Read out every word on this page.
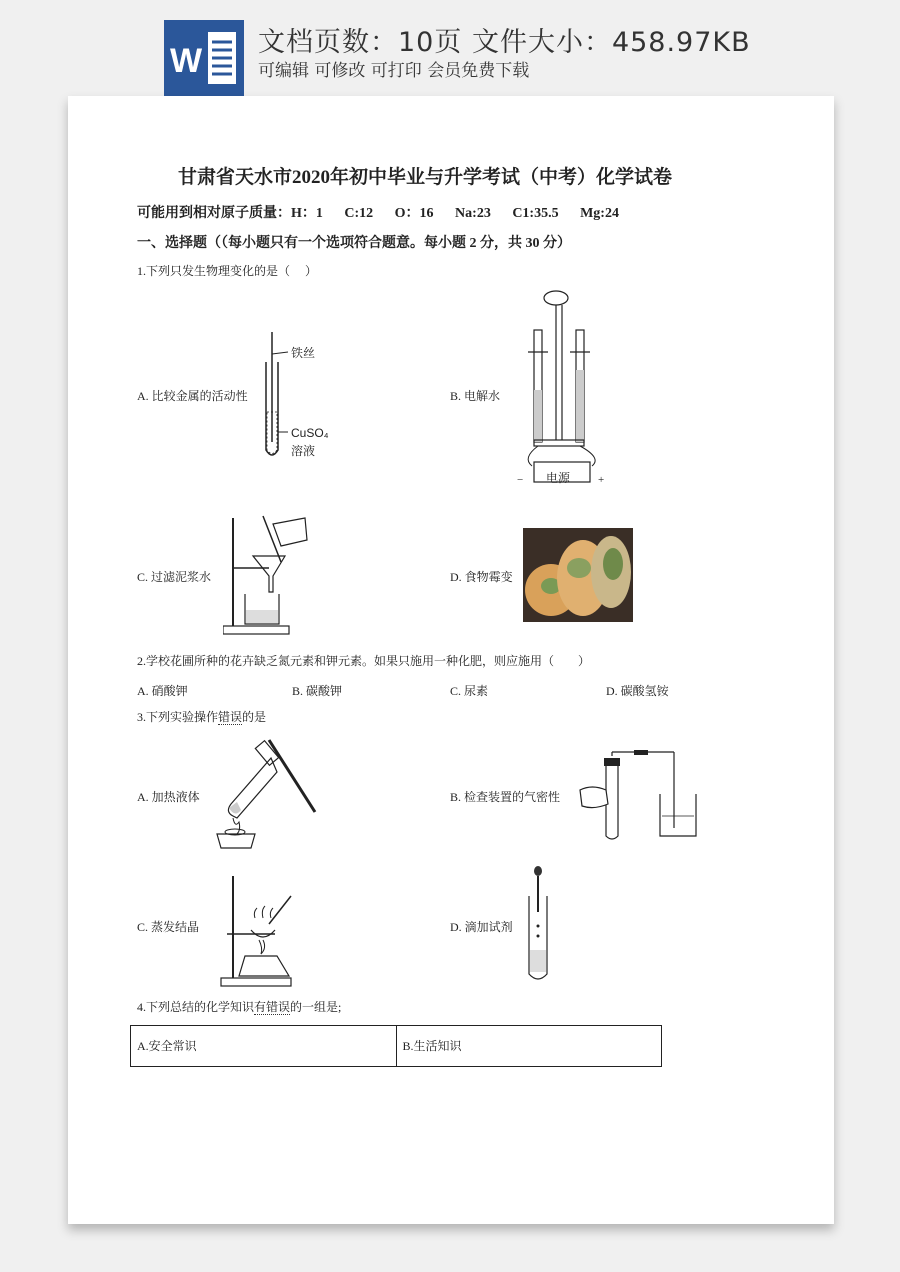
W 文档页数：10页 文件大小：458.97KB
可编辑 可修改 可打印 会员免费下载
甘肃省天水市2020年初中毕业与升学考试（中考）化学试卷
可能用到相对原子质量：H：1　 C:12　 O：16　 Na:23　 C1:35.5　 Mg:24
一、选择题（（每小题只有一个选项符合题意。每小题 2 分，共 30 分）
1.下列只发生物理变化的是（　 ）
A. 比较金属的活动性
铁丝
CuSO₄
溶液
B. 电解水
电源
−	+
C. 过滤泥浆水	D. 食物霉变
2.学校花圃所种的花卉缺乏氮元素和钾元素。如果只施用一种化肥，则应施用（　　）
A. 硝酸钾	B. 碳酸钾	C. 尿素	D. 碳酸氢铵
3.下列实验操作错误的是
A. 加热液体	B. 检查装置的气密性
C. 蒸发结晶	D. 滴加试剂
4.下列总结的化学知识有错误的一组是;
A.安全常识	B.生活知识
